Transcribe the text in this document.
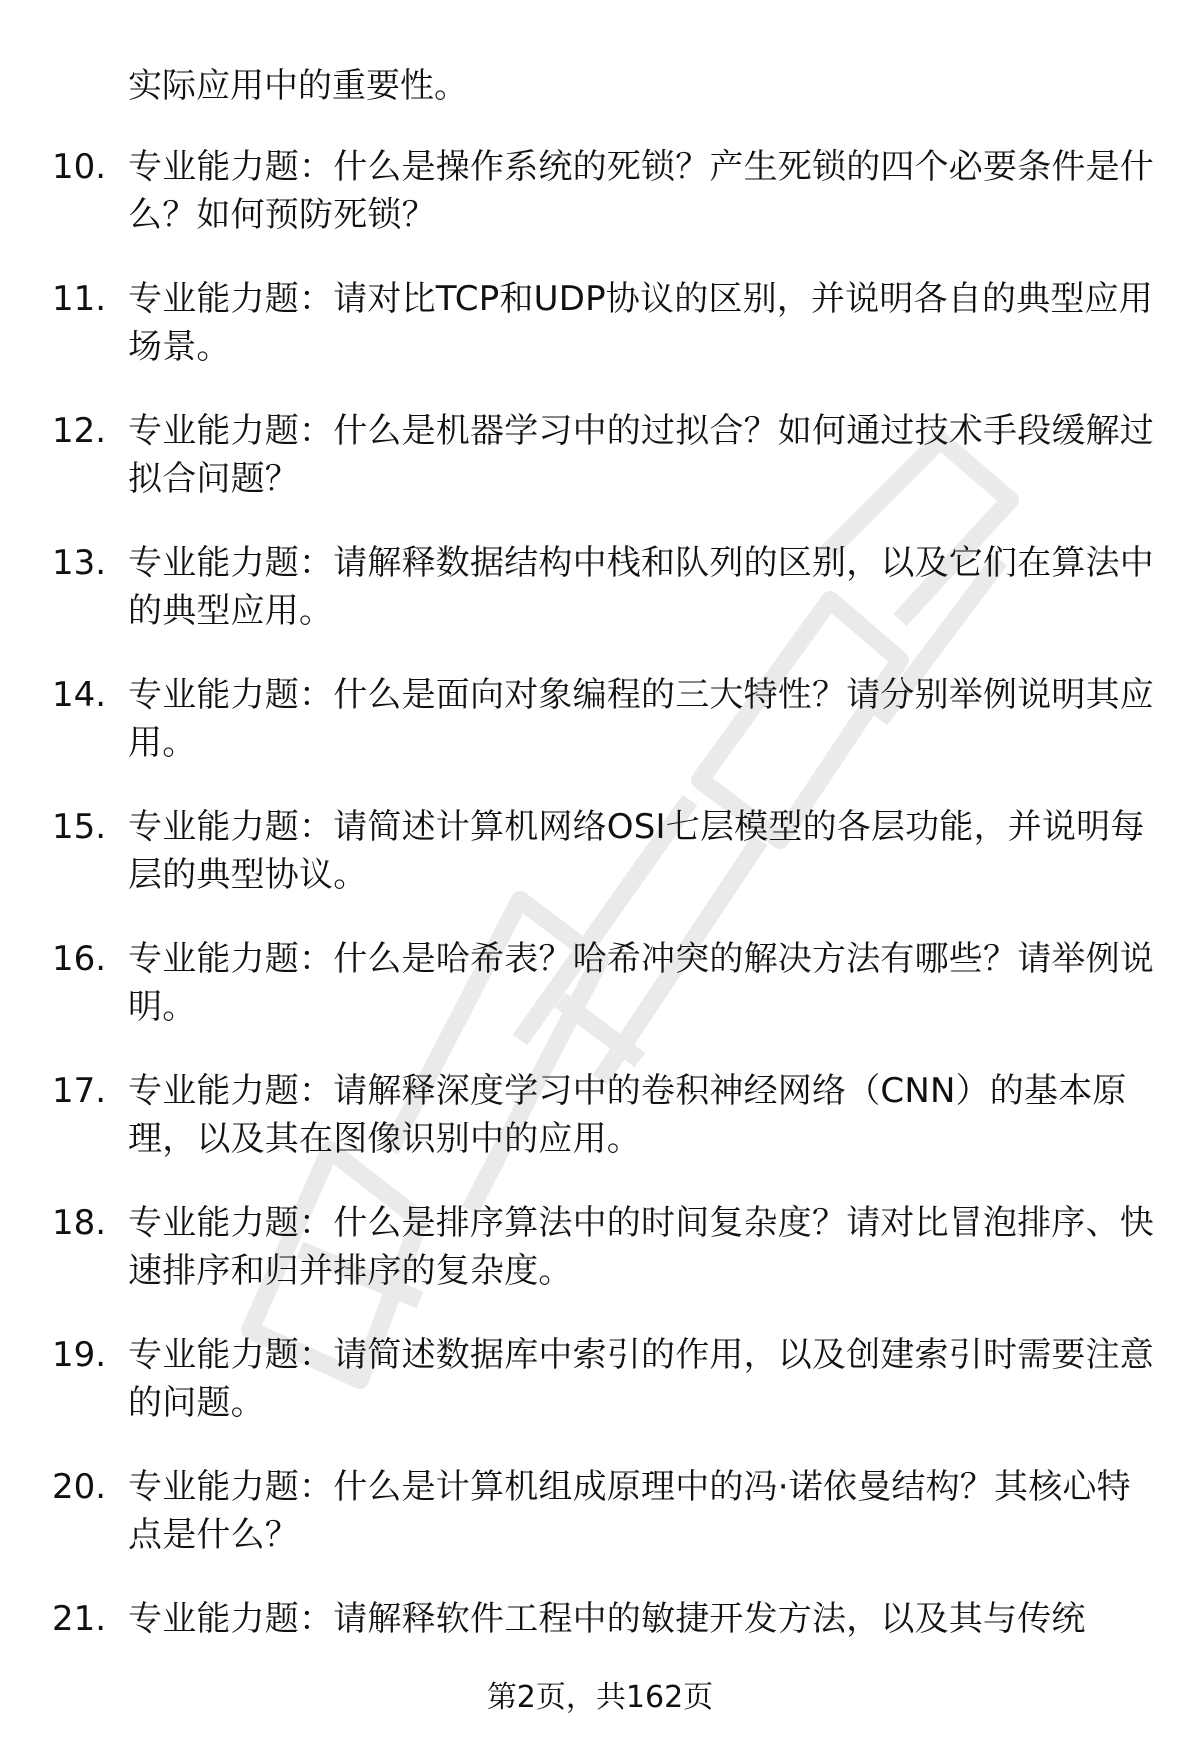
实际应用中的重要性。

10. 专业能力题：什么是操作系统的死锁？产生死锁的四个必要条件是什么？如何预防死锁？
11. 专业能力题：请对比TCP和UDP协议的区别，并说明各自的典型应用场景。
12. 专业能力题：什么是机器学习中的过拟合？如何通过技术手段缓解过拟合问题？
13. 专业能力题：请解释数据结构中栈和队列的区别，以及它们在算法中的典型应用。
14. 专业能力题：什么是面向对象编程的三大特性？请分别举例说明其应用。
15. 专业能力题：请简述计算机网络OSI七层模型的各层功能，并说明每层的典型协议。
16. 专业能力题：什么是哈希表？哈希冲突的解决方法有哪些？请举例说明。
17. 专业能力题：请解释深度学习中的卷积神经网络（CNN）的基本原理，以及其在图像识别中的应用。
18. 专业能力题：什么是排序算法中的时间复杂度？请对比冒泡排序、快速排序和归并排序的复杂度。
19. 专业能力题：请简述数据库中索引的作用，以及创建索引时需要注意的问题。
20. 专业能力题：什么是计算机组成原理中的冯·诺依曼结构？其核心特点是什么？
21. 专业能力题：请解释软件工程中的敏捷开发方法，以及其与传统
第2页，共162页
